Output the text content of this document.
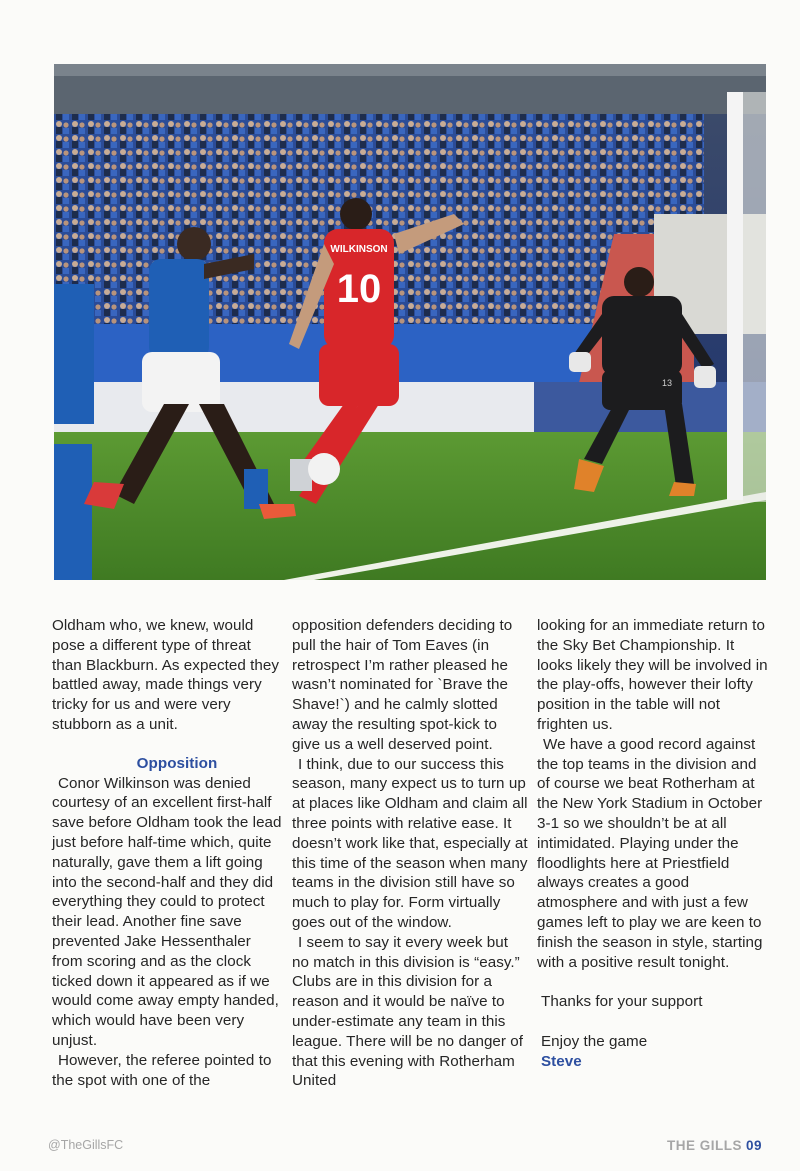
WILKINSON
10
13

Oldham who, we knew, would pose a different type of threat than Blackburn. As expected they battled away, made things very tricky for us and were very stubborn as a unit.

Opposition

Conor Wilkinson was denied courtesy of an excellent first-half save before Oldham took the lead just before half-time which, quite naturally, gave them a lift going into the second-half and they did everything they could to protect their lead. Another fine save prevented Jake Hessenthaler from scoring and as the clock ticked down it appeared as if we would come away empty handed, which would have been very unjust.

However, the referee pointed to the spot with one of the

opposition defenders deciding to pull the hair of Tom Eaves (in retrospect I’m rather pleased he wasn’t nominated for `Brave the Shave!`) and he calmly slotted away the resulting spot-kick to give us a well deserved point.

I think, due to our success this season, many expect us to turn up at places like Oldham and claim all three points with relative ease. It doesn’t work like that, especially at this time of the season when many teams in the division still have so much to play for. Form virtually goes out of the window.

I seem to say it every week but no match in this division is “easy.” Clubs are in this division for a reason and it would be naïve to under-estimate any team in this league. There will be no danger of that this evening with Rotherham United

looking for an immediate return to the Sky Bet Championship. It looks likely they will be involved in the play-offs, however their lofty position in the table will not frighten us.

We have a good record against the top teams in the division and of course we beat Rotherham at the New York Stadium in October 3-1 so we shouldn’t be at all intimidated. Playing under the floodlights here at Priestfield always creates a good atmosphere and with just a few games left to play we are keen to finish the season in style, starting with a positive result tonight.

Thanks for your support

Enjoy the game

Steve

@TheGillsFC	THE GILLS 09
